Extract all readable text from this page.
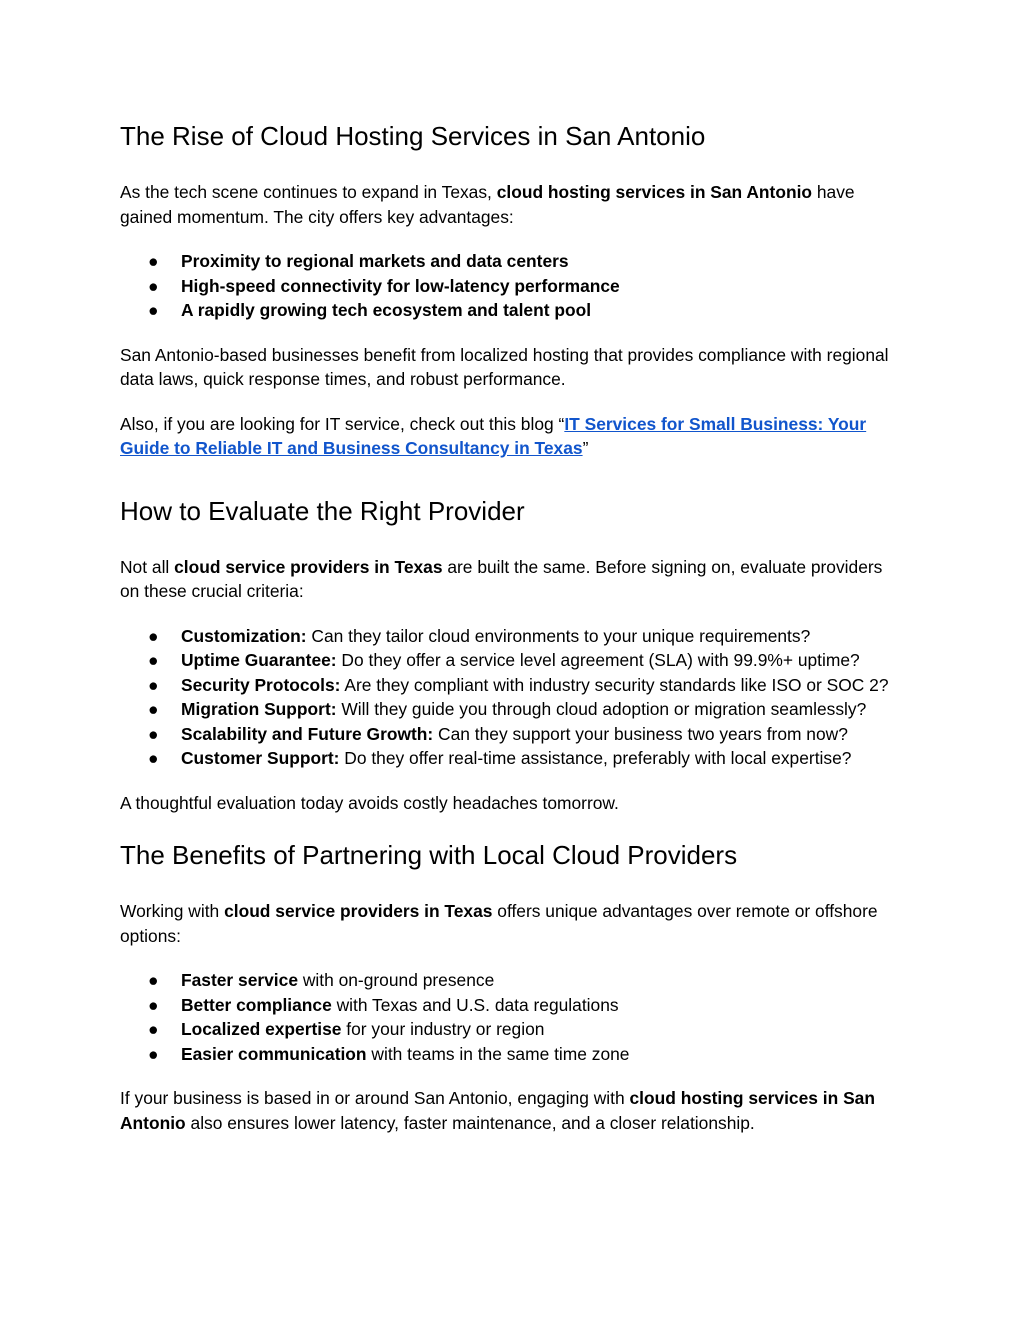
The Rise of Cloud Hosting Services in San Antonio

As the tech scene continues to expand in Texas, cloud hosting services in San Antonio have gained momentum. The city offers key advantages:

● Proximity to regional markets and data centers
● High-speed connectivity for low-latency performance
● A rapidly growing tech ecosystem and talent pool

San Antonio-based businesses benefit from localized hosting that provides compliance with regional data laws, quick response times, and robust performance.

Also, if you are looking for IT service, check out this blog “IT Services for Small Business: Your Guide to Reliable IT and Business Consultancy in Texas”

How to Evaluate the Right Provider

Not all cloud service providers in Texas are built the same. Before signing on, evaluate providers on these crucial criteria:

● Customization: Can they tailor cloud environments to your unique requirements?
● Uptime Guarantee: Do they offer a service level agreement (SLA) with 99.9%+ uptime?
● Security Protocols: Are they compliant with industry security standards like ISO or SOC 2?
● Migration Support: Will they guide you through cloud adoption or migration seamlessly?
● Scalability and Future Growth: Can they support your business two years from now?
● Customer Support: Do they offer real-time assistance, preferably with local expertise?

A thoughtful evaluation today avoids costly headaches tomorrow.

The Benefits of Partnering with Local Cloud Providers

Working with cloud service providers in Texas offers unique advantages over remote or offshore options:

● Faster service with on-ground presence
● Better compliance with Texas and U.S. data regulations
● Localized expertise for your industry or region
● Easier communication with teams in the same time zone

If your business is based in or around San Antonio, engaging with cloud hosting services in San Antonio also ensures lower latency, faster maintenance, and a closer relationship.
